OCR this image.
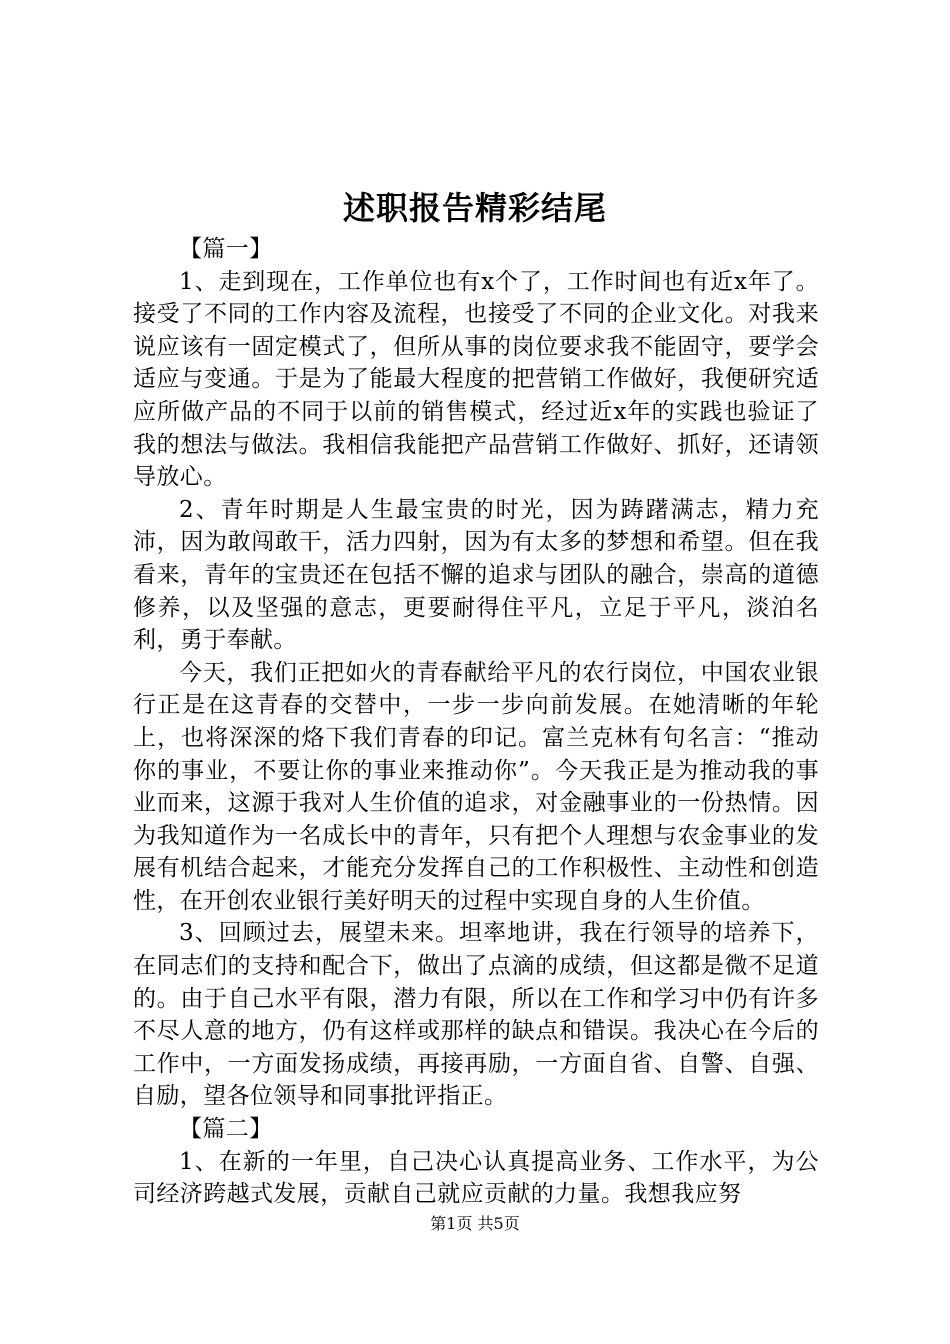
述职报告精彩结尾

【篇一】

1、走到现在，工作单位也有x个了，工作时间也有近x年了。接受了不同的工作内容及流程，也接受了不同的企业文化。对我来说应该有一固定模式了，但所从事的岗位要求我不能固守，要学会适应与变通。于是为了能最大程度的把营销工作做好，我便研究适应所做产品的不同于以前的销售模式，经过近x年的实践也验证了我的想法与做法。我相信我能把产品营销工作做好、抓好，还请领导放心。

2、青年时期是人生最宝贵的时光，因为踌躇满志，精力充沛，因为敢闯敢干，活力四射，因为有太多的梦想和希望。但在我看来，青年的宝贵还在包括不懈的追求与团队的融合，崇高的道德修养，以及坚强的意志，更要耐得住平凡，立足于平凡，淡泊名利，勇于奉献。

今天，我们正把如火的青春献给平凡的农行岗位，中国农业银行正是在这青春的交替中，一步一步向前发展。在她清晰的年轮上，也将深深的烙下我们青春的印记。富兰克林有句名言：“推动你的事业，不要让你的事业来推动你”。今天我正是为推动我的事业而来，这源于我对人生价值的追求，对金融事业的一份热情。因为我知道作为一名成长中的青年，只有把个人理想与农金事业的发展有机结合起来，才能充分发挥自己的工作积极性、主动性和创造性，在开创农业银行美好明天的过程中实现自身的人生价值。

3、回顾过去，展望未来。坦率地讲，我在行领导的培养下，在同志们的支持和配合下，做出了点滴的成绩，但这都是微不足道的。由于自己水平有限，潜力有限，所以在工作和学习中仍有许多不尽人意的地方，仍有这样或那样的缺点和错误。我决心在今后的工作中，一方面发扬成绩，再接再励，一方面自省、自警、自强、自励，望各位领导和同事批评指正。

【篇二】

1、在新的一年里，自己决心认真提高业务、工作水平，为公司经济跨越式发展，贡献自己就应贡献的力量。我想我应努

第1页 共5页
